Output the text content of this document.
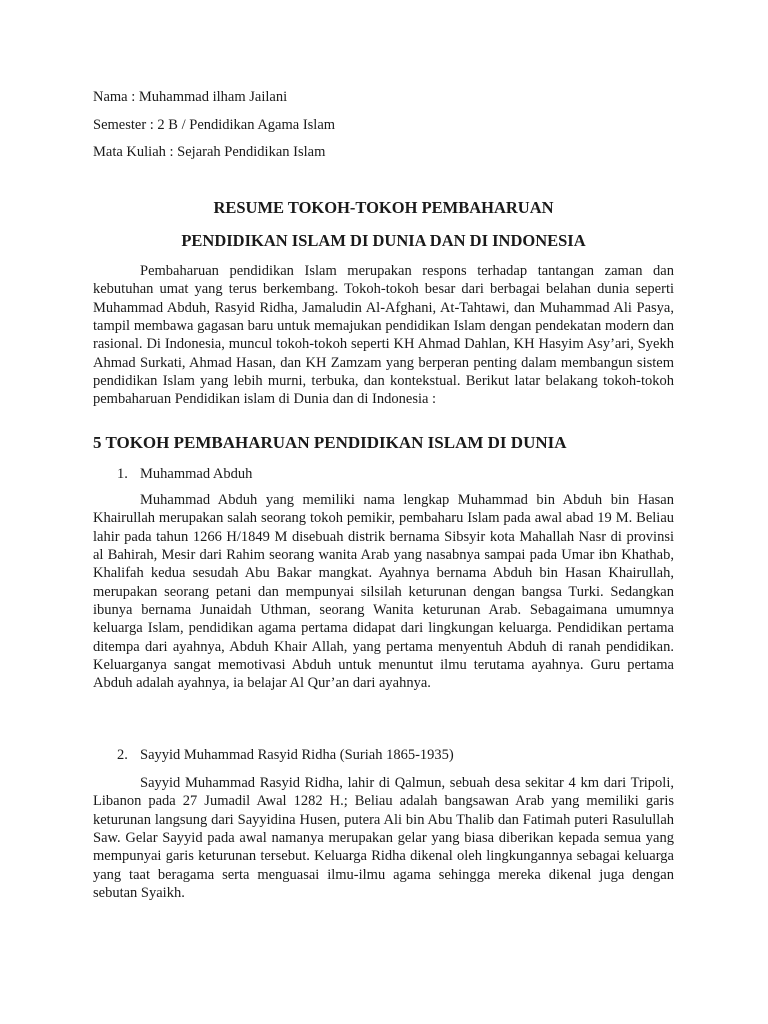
Nama : Muhammad ilham Jailani
Semester : 2 B / Pendidikan Agama Islam
Mata Kuliah : Sejarah Pendidikan Islam
RESUME TOKOH-TOKOH PEMBAHARUAN
PENDIDIKAN ISLAM DI DUNIA DAN DI INDONESIA

Pembaharuan pendidikan Islam merupakan respons terhadap tantangan zaman dan kebutuhan umat yang terus berkembang. Tokoh-tokoh besar dari berbagai belahan dunia seperti Muhammad Abduh, Rasyid Ridha, Jamaludin Al-Afghani, At-Tahtawi, dan Muhammad Ali Pasya, tampil membawa gagasan baru untuk memajukan pendidikan Islam dengan pendekatan modern dan rasional. Di Indonesia, muncul tokoh-tokoh seperti KH Ahmad Dahlan, KH Hasyim Asy’ari, Syekh Ahmad Surkati, Ahmad Hasan, dan KH Zamzam yang berperan penting dalam membangun sistem pendidikan Islam yang lebih murni, terbuka, dan kontekstual. Berikut latar belakang tokoh-tokoh pembaharuan Pendidikan islam di Dunia dan di Indonesia :

5 TOKOH PEMBAHARUAN PENDIDIKAN ISLAM DI DUNIA
1. Muhammad Abduh

Muhammad Abduh yang memiliki nama lengkap Muhammad bin Abduh bin Hasan Khairullah merupakan salah seorang tokoh pemikir, pembaharu Islam pada awal abad 19 M. Beliau lahir pada tahun 1266 H/1849 M disebuah distrik bernama Sibsyir kota Mahallah Nasr di provinsi al Bahirah, Mesir dari Rahim seorang wanita Arab yang nasabnya sampai pada Umar ibn Khathab, Khalifah kedua sesudah Abu Bakar mangkat. Ayahnya bernama Abduh bin Hasan Khairullah, merupakan seorang petani dan mempunyai silsilah keturunan dengan bangsa Turki. Sedangkan ibunya bernama Junaidah Uthman, seorang Wanita keturunan Arab. Sebagaimana umumnya keluarga Islam, pendidikan agama pertama didapat dari lingkungan keluarga. Pendidikan pertama ditempa dari ayahnya, Abduh Khair Allah, yang pertama menyentuh Abduh di ranah pendidikan. Keluarganya sangat memotivasi Abduh untuk menuntut ilmu terutama ayahnya. Guru pertama Abduh adalah ayahnya, ia belajar Al Qur’an dari ayahnya.

2. Sayyid Muhammad Rasyid Ridha (Suriah 1865-1935)

Sayyid Muhammad Rasyid Ridha, lahir di Qalmun, sebuah desa sekitar 4 km dari Tripoli, Libanon pada 27 Jumadil Awal 1282 H.; Beliau adalah bangsawan Arab yang memiliki garis keturunan langsung dari Sayyidina Husen, putera Ali bin Abu Thalib dan Fatimah puteri Rasulullah Saw. Gelar Sayyid pada awal namanya merupakan gelar yang biasa diberikan kepada semua yang mempunyai garis keturunan tersebut. Keluarga Ridha dikenal oleh lingkungannya sebagai keluarga yang taat beragama serta menguasai ilmu-ilmu agama sehingga mereka dikenal juga dengan sebutan Syaikh.
